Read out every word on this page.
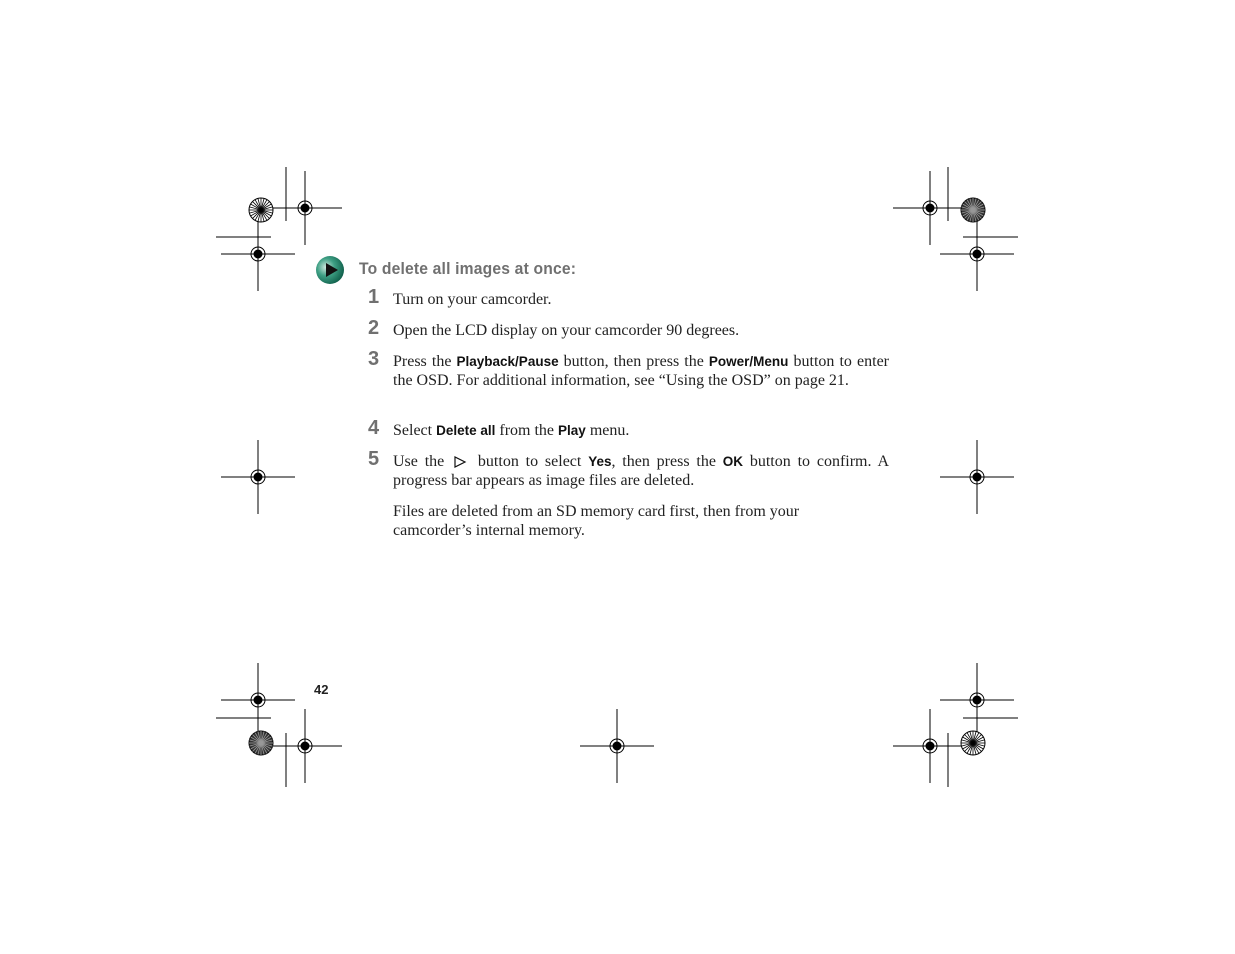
To delete all images at once:
1 Turn on your camcorder.
2 Open the LCD display on your camcorder 90 degrees.
3 Press the Playback/Pause button, then press the Power/Menu button to enter the OSD. For additional information, see “Using the OSD” on page 21.
4 Select Delete all from the Play menu.
5 Use the  button to select Yes, then press the OK button to confirm. A progress bar appears as image files are deleted.
Files are deleted from an SD memory card first, then from your camcorder’s internal memory.
42
